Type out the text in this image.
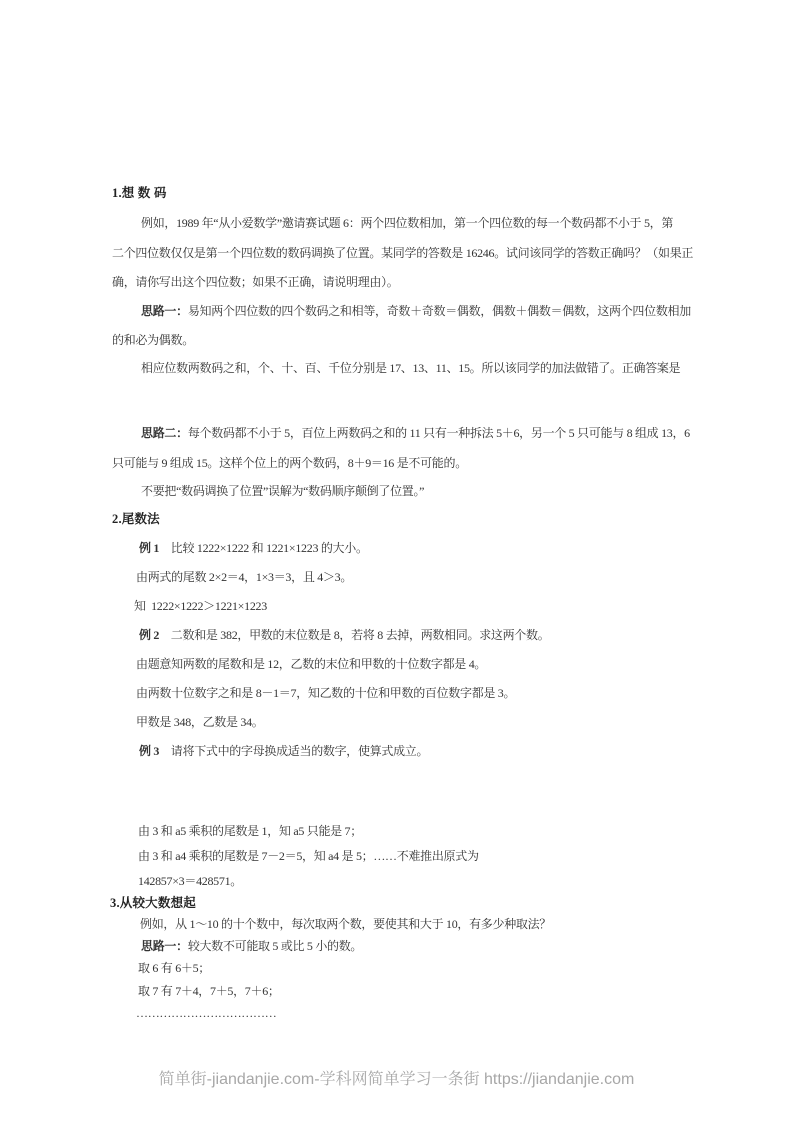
1.想 数 码
例如，1989 年“从小爱数学”邀请赛试题 6：两个四位数相加，第一个四位数的每一个数码都不小于 5，第
二个四位数仅仅是第一个四位数的数码调换了位置。某同学的答数是 16246。试问该同学的答数正确吗？（如果正
确，请你写出这个四位数；如果不正确，请说明理由）。
思路一：易知两个四位数的四个数码之和相等，奇数＋奇数＝偶数，偶数＋偶数＝偶数，这两个四位数相加
的和必为偶数。
相应位数两数码之和，个、十、百、千位分别是 17、13、11、15。所以该同学的加法做错了。正确答案是
思路二：每个数码都不小于 5，百位上两数码之和的 11 只有一种拆法 5＋6，另一个 5 只可能与 8 组成 13，6
只可能与 9 组成 15。这样个位上的两个数码，8＋9＝16 是不可能的。
不要把“数码调换了位置”误解为“数码顺序颠倒了位置。”
2.尾数法
例 1　比较 1222×1222 和 1221×1223 的大小。
由两式的尾数 2×2＝4，1×3＝3，且 4＞3。
知  1222×1222＞1221×1223
例 2　二数和是 382，甲数的末位数是 8，若将 8 去掉，两数相同。求这两个数。
由题意知两数的尾数和是 12，乙数的末位和甲数的十位数字都是 4。
由两数十位数字之和是 8－1＝7，知乙数的十位和甲数的百位数字都是 3。
甲数是 348，乙数是 34。
例 3　请将下式中的字母换成适当的数字，使算式成立。
由 3 和 a5 乘积的尾数是 1，知 a5 只能是 7；
由 3 和 a4 乘积的尾数是 7－2＝5，知 a4 是 5；……不难推出原式为
142857×3＝428571。
3.从较大数想起
例如，从 1～10 的十个数中，每次取两个数，要使其和大于 10，有多少种取法？
思路一：较大数不可能取 5 或比 5 小的数。
取 6 有 6＋5；
取 7 有 7＋4，7＋5，7＋6；
………………………………
简单街-jiandanjie.com-学科网简单学习一条街 https://jiandanjie.com
